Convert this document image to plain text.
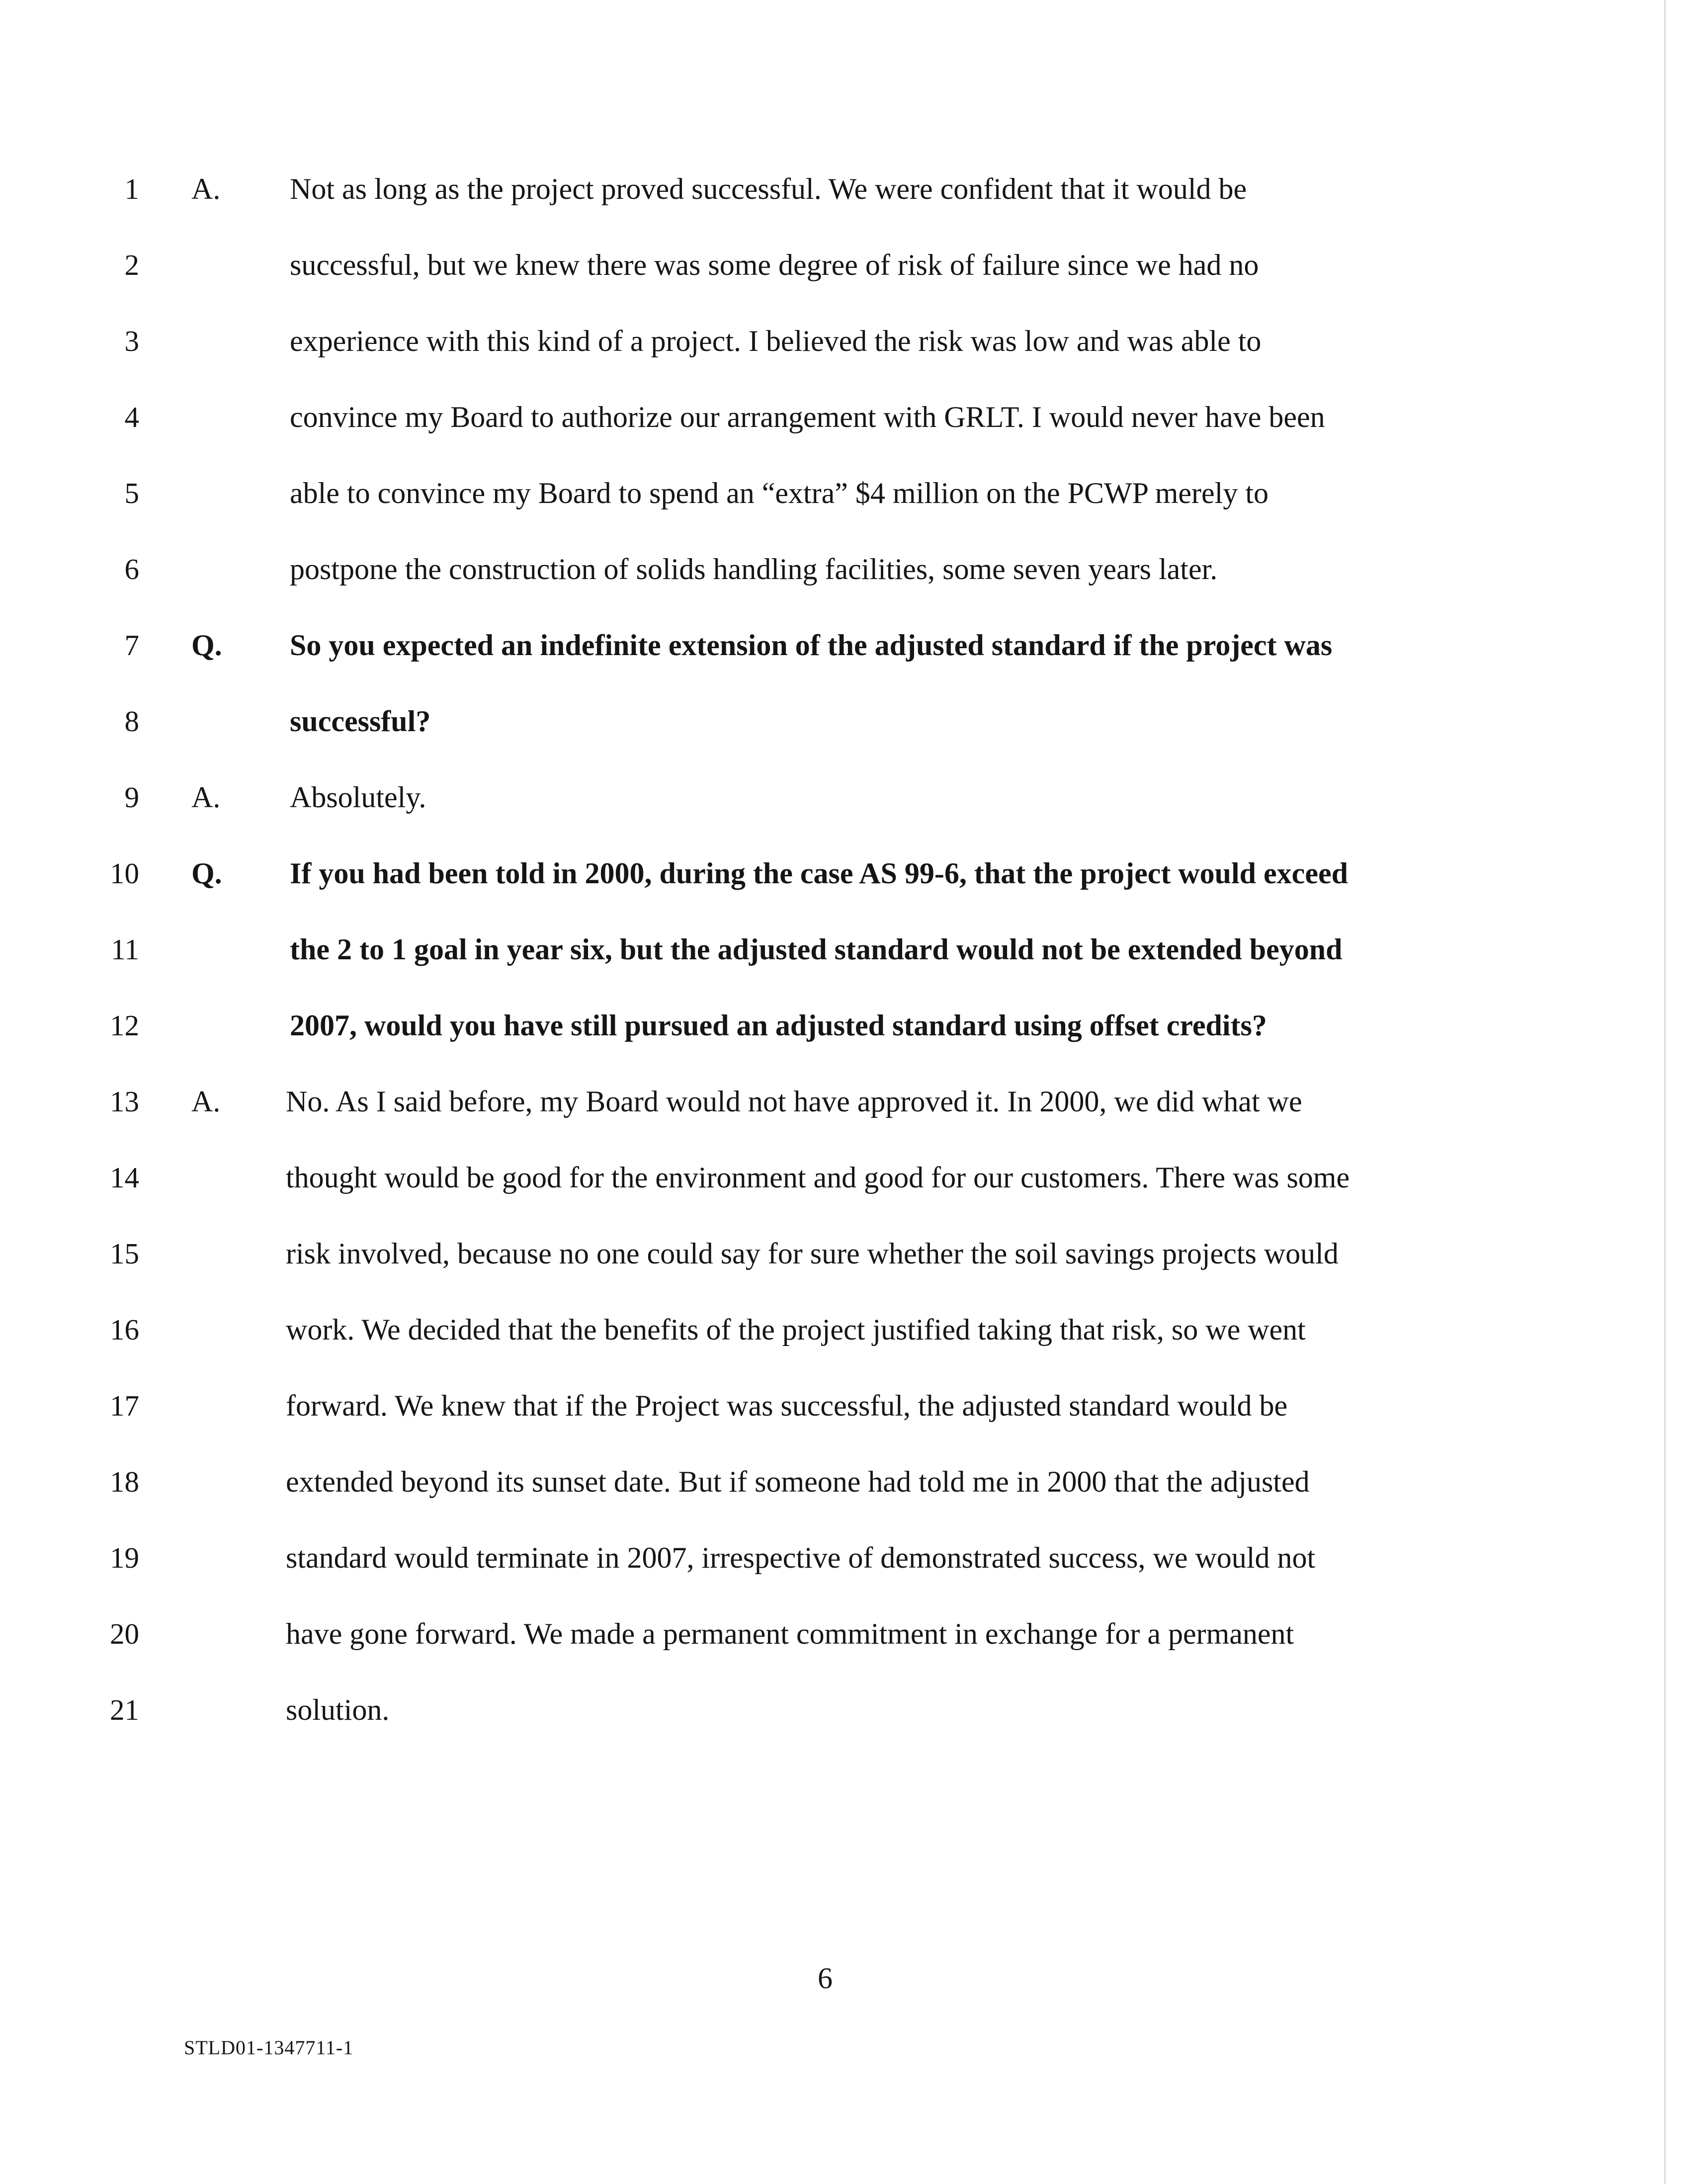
1 A. Not as long as the project proved successful. We were confident that it would be
2	successful, but we knew there was some degree of risk of failure since we had no
3	experience with this kind of a project. I believed the risk was low and was able to
4	convince my Board to authorize our arrangement with GRLT. I would never have been
5	able to convince my Board to spend an “extra” $4 million on the PCWP merely to
6	postpone the construction of solids handling facilities, some seven years later.
7 Q. So you expected an indefinite extension of the adjusted standard if the project was
8	successful?
9 A. Absolutely.
10 Q. If you had been told in 2000, during the case AS 99-6, that the project would exceed
11	the 2 to 1 goal in year six, but the adjusted standard would not be extended beyond
12	2007, would you have still pursued an adjusted standard using offset credits?
13 A. No. As I said before, my Board would not have approved it. In 2000, we did what we
14	thought would be good for the environment and good for our customers. There was some
15	risk involved, because no one could say for sure whether the soil savings projects would
16	work. We decided that the benefits of the project justified taking that risk, so we went
17	forward. We knew that if the Project was successful, the adjusted standard would be
18	extended beyond its sunset date. But if someone had told me in 2000 that the adjusted
19	standard would terminate in 2007, irrespective of demonstrated success, we would not
20	have gone forward. We made a permanent commitment in exchange for a permanent
21	solution.
6
STLD01-1347711-1
